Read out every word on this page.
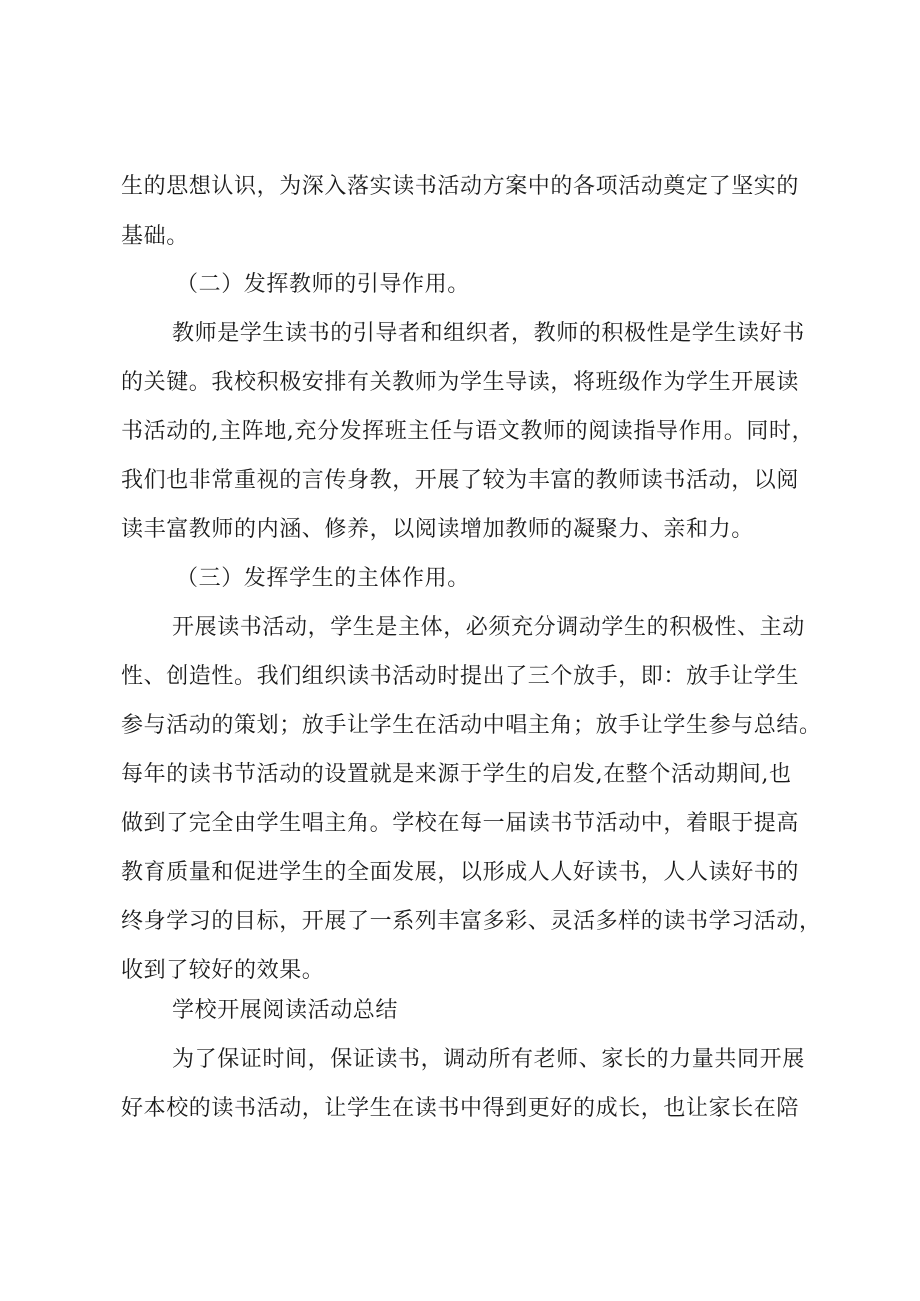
生的思想认识，为深入落实读书活动方案中的各项活动奠定了坚实的
基础。
（二）发挥教师的引导作用。
教师是学生读书的引导者和组织者，教师的积极性是学生读好书
的关键。我校积极安排有关教师为学生导读，将班级作为学生开展读
书活动的,主阵地,充分发挥班主任与语文教师的阅读指导作用。同时，
我们也非常重视的言传身教，开展了较为丰富的教师读书活动，以阅
读丰富教师的内涵、修养，以阅读增加教师的凝聚力、亲和力。
（三）发挥学生的主体作用。
开展读书活动，学生是主体，必须充分调动学生的积极性、主动
性、创造性。我们组织读书活动时提出了三个放手，即：放手让学生
参与活动的策划；放手让学生在活动中唱主角；放手让学生参与总结。
每年的读书节活动的设置就是来源于学生的启发,在整个活动期间,也
做到了完全由学生唱主角。学校在每一届读书节活动中，着眼于提高
教育质量和促进学生的全面发展，以形成人人好读书，人人读好书的
终身学习的目标，开展了一系列丰富多彩、灵活多样的读书学习活动，
收到了较好的效果。
学校开展阅读活动总结
为了保证时间，保证读书，调动所有老师、家长的力量共同开展
好本校的读书活动，让学生在读书中得到更好的成长，也让家长在陪
